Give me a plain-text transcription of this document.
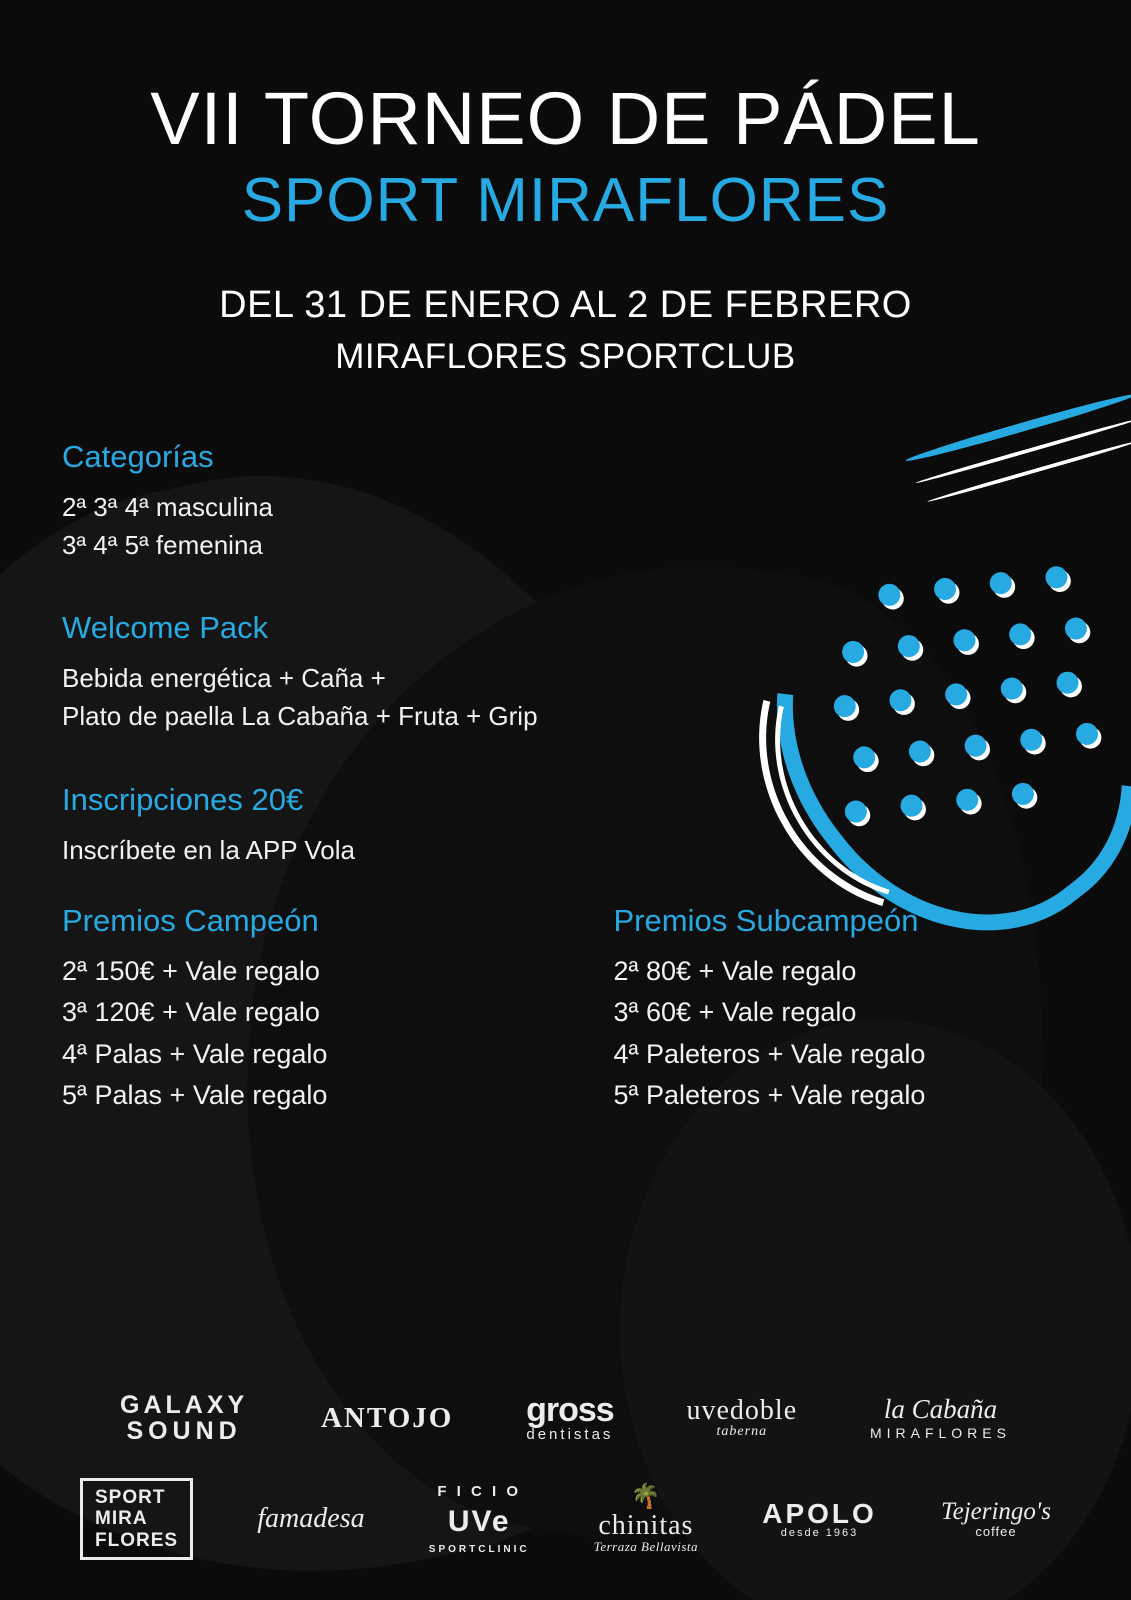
VII TORNEO DE PÁDEL
SPORT MIRAFLORES
DEL 31 DE ENERO AL 2 DE FEBRERO
MIRAFLORES SPORTCLUB
Categorías
2ª 3ª 4ª masculina
3ª 4ª 5ª femenina
Welcome Pack
Bebida energética + Caña +
Plato de paella La Cabaña + Fruta + Grip
Inscripciones 20€
Inscríbete en la APP Vola
Premios Campeón
2ª 150€ + Vale regalo
3ª 120€ + Vale regalo
4ª Palas + Vale regalo
5ª Palas + Vale regalo
Premios Subcampeón
2ª 80€ + Vale regalo
3ª 60€ + Vale regalo
4ª Paleteros + Vale regalo
5ª Paleteros + Vale regalo
GALAXY
SOUND	ANTOJO gross
dentistas
uvedoble
taberna
la Cabaña
MIRAFLORES
SPORT
MIRA
FLORES
famadesa
F I C I O
UVe
SPORTCLINIC
🌴
chinitas
Terraza Bellavista
APOLO
desde 1963
Tejeringo's
coffee
